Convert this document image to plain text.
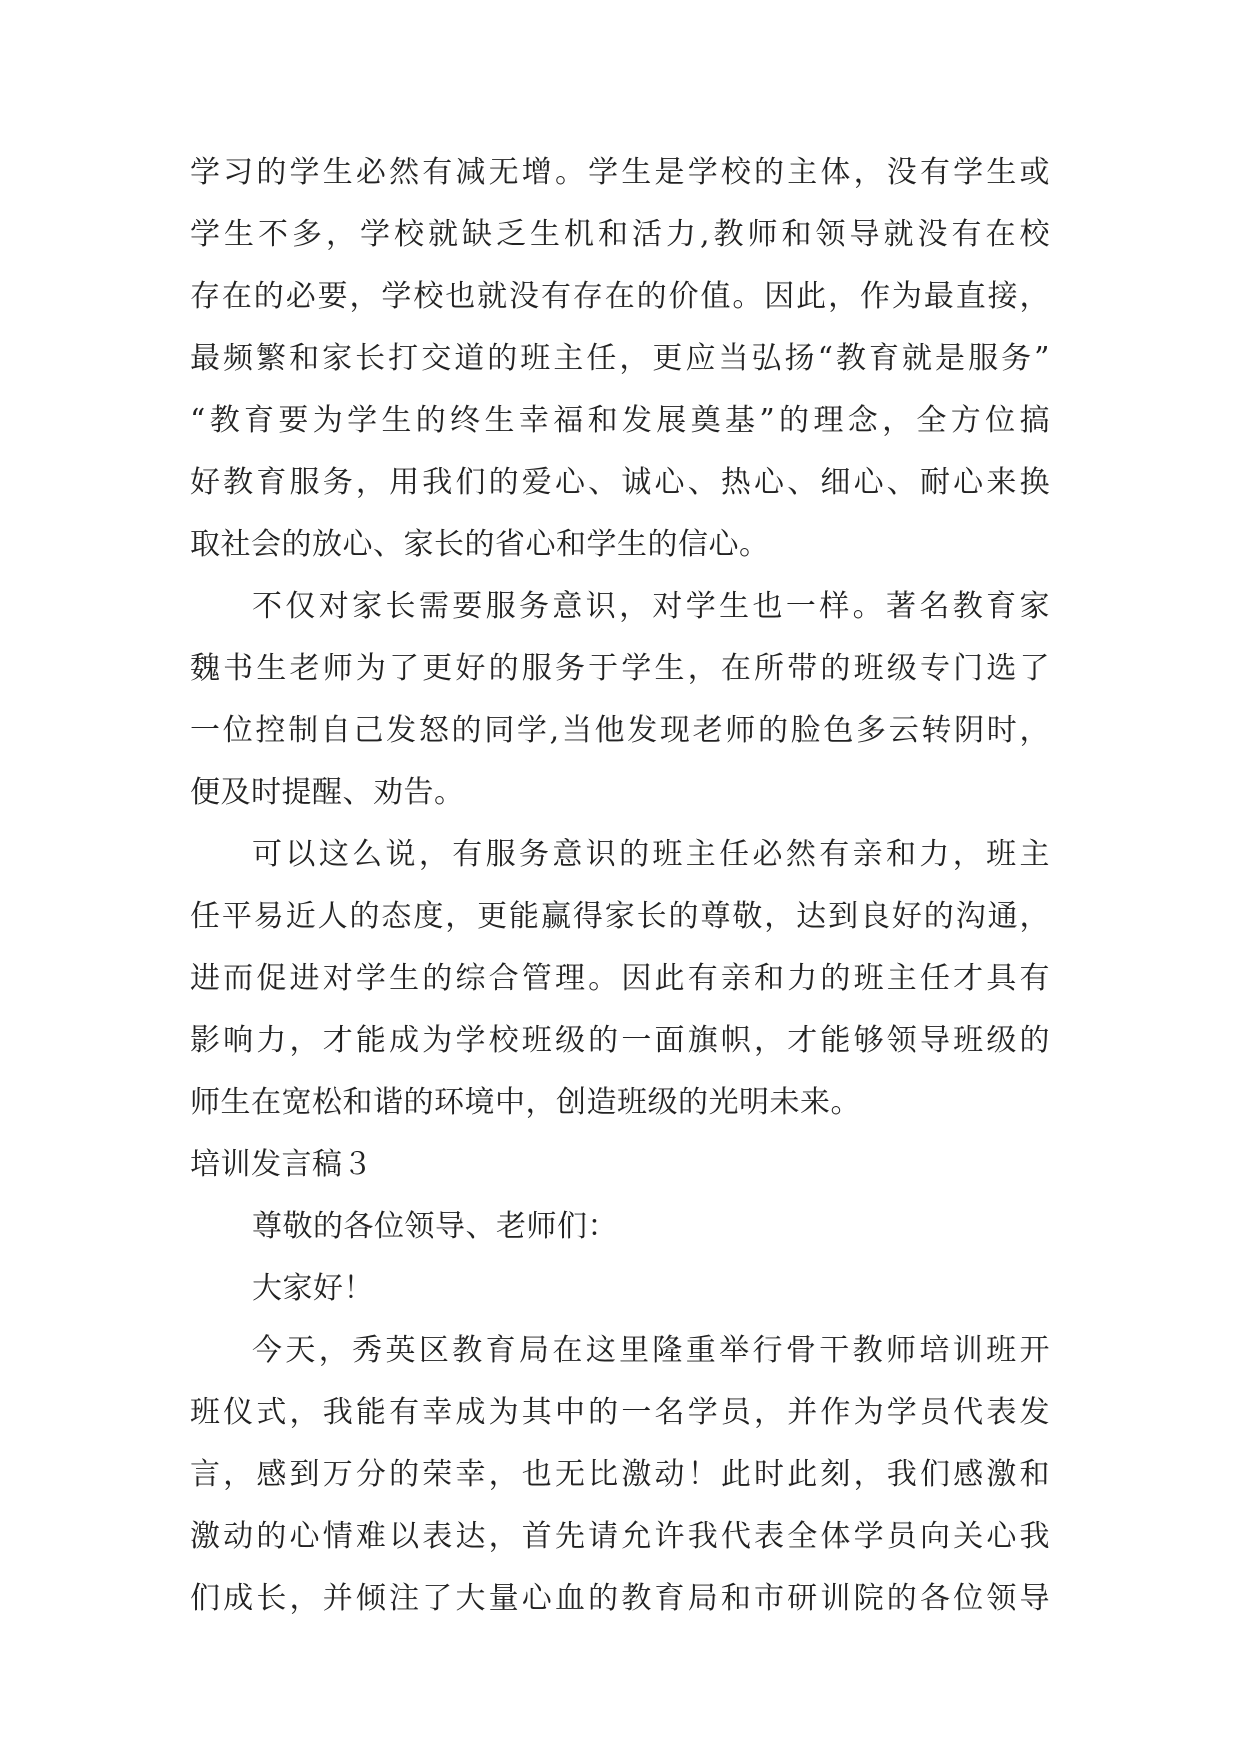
学习的学生必然有减无增。学生是学校的主体，没有学生或
学生不多，学校就缺乏生机和活力,教师和领导就没有在校
存在的必要，学校也就没有存在的价值。因此，作为最直接，
最频繁和家长打交道的班主任，更应当弘扬“教育就是服务”
“教育要为学生的终生幸福和发展奠基”的理念，全方位搞
好教育服务，用我们的爱心、诚心、热心、细心、耐心来换
取社会的放心、家长的省心和学生的信心。
不仅对家长需要服务意识，对学生也一样。著名教育家
魏书生老师为了更好的服务于学生，在所带的班级专门选了
一位控制自己发怒的同学,当他发现老师的脸色多云转阴时，
便及时提醒、劝告。
可以这么说，有服务意识的班主任必然有亲和力，班主
任平易近人的态度，更能赢得家长的尊敬，达到良好的沟通，
进而促进对学生的综合管理。因此有亲和力的班主任才具有
影响力，才能成为学校班级的一面旗帜，才能够领导班级的
师生在宽松和谐的环境中，创造班级的光明未来。
培训发言稿３
尊敬的各位领导、老师们：
大家好！
今天，秀英区教育局在这里隆重举行骨干教师培训班开
班仪式，我能有幸成为其中的一名学员，并作为学员代表发
言，感到万分的荣幸，也无比激动！此时此刻，我们感激和
激动的心情难以表达，首先请允许我代表全体学员向关心我
们成长，并倾注了大量心血的教育局和市研训院的各位领导
